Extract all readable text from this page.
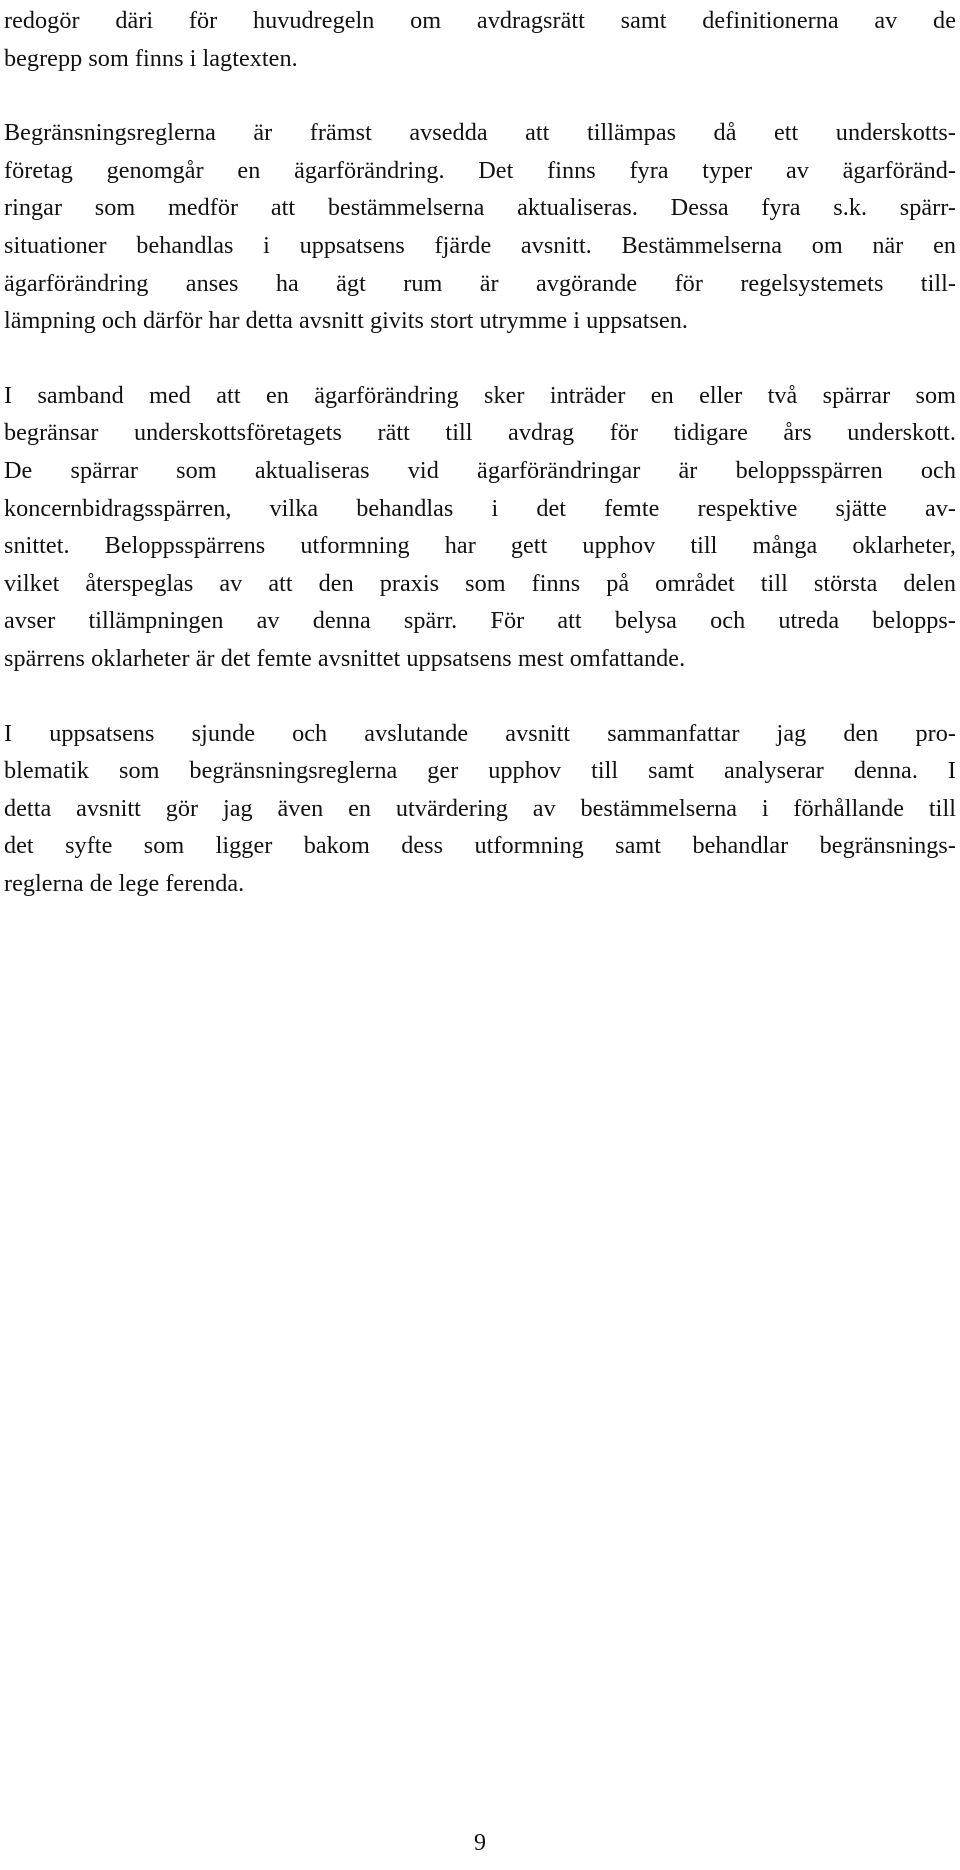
redogör däri för huvudregeln om avdragsrätt samt definitionerna av de
begrepp som finns i lagtexten.
Begränsningsreglerna är främst avsedda att tillämpas då ett underskotts-
företag genomgår en ägarförändring. Det finns fyra typer av ägarföränd-
ringar som medför att bestämmelserna aktualiseras. Dessa fyra s.k. spärr-
situationer behandlas i uppsatsens fjärde avsnitt. Bestämmelserna om när en
ägarförändring anses ha ägt rum är avgörande för regelsystemets till-
lämpning och därför har detta avsnitt givits stort utrymme i uppsatsen.
I samband med att en ägarförändring sker inträder en eller två spärrar som
begränsar underskottsföretagets rätt till avdrag för tidigare års underskott.
De spärrar som aktualiseras vid ägarförändringar är beloppsspärren och
koncernbidragsspärren, vilka behandlas i det femte respektive sjätte av-
snittet. Beloppsspärrens utformning har gett upphov till många oklarheter,
vilket återspeglas av att den praxis som finns på området till största delen
avser tillämpningen av denna spärr. För att belysa och utreda belopps-
spärrens oklarheter är det femte avsnittet uppsatsens mest omfattande.
I uppsatsens sjunde och avslutande avsnitt sammanfattar jag den pro-
blematik som begränsningsreglerna ger upphov till samt analyserar denna. I
detta avsnitt gör jag även en utvärdering av bestämmelserna i förhållande till
det syfte som ligger bakom dess utformning samt behandlar begränsnings-
reglerna de lege ferenda.
9
